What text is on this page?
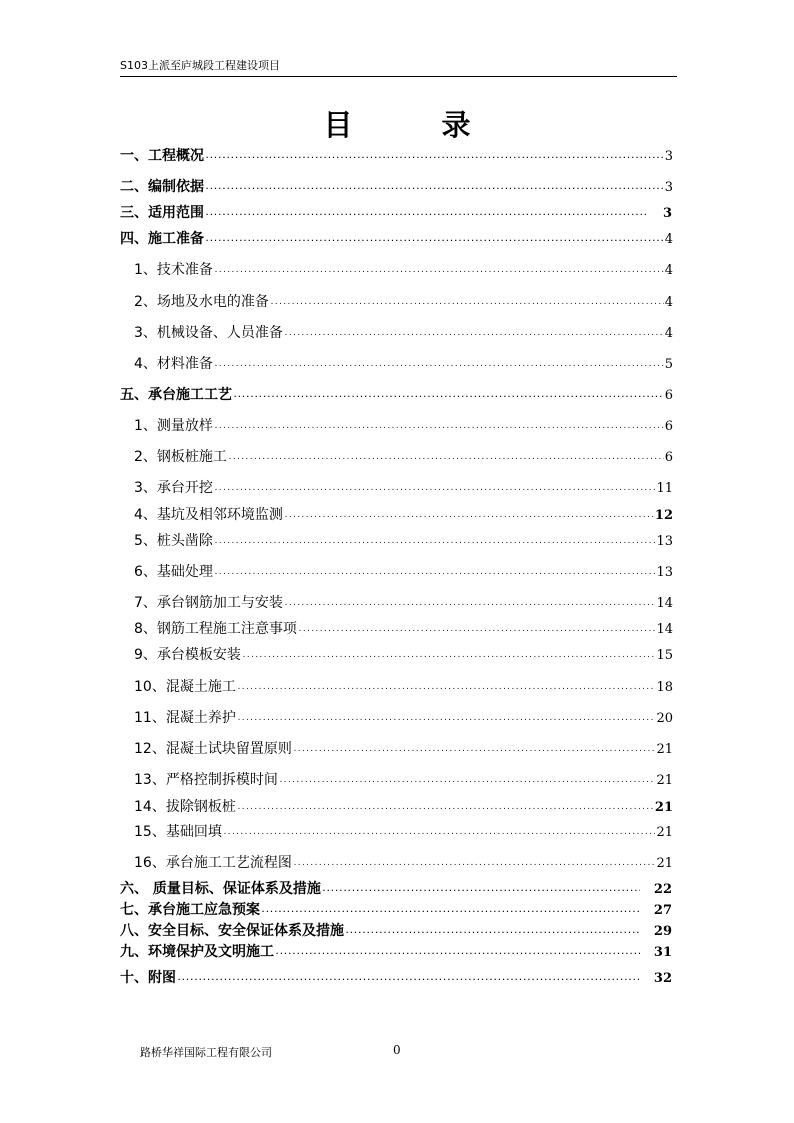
S103上派至庐城段工程建设项目
目　录
一、工程概况 ·····	3
二、编制依据 ·····	3
三、适用范围 ·····	3
四、施工准备 ·····	4
1、技术准备 ·····	4
2、场地及水电的准备 ·····	4
3、机械设备、人员准备 ·····	4
4、材料准备 ·····	5
五、承台施工工艺 ·····	6
1、测量放样 ·····	6
2、钢板桩施工 ·····	6
3、承台开挖 ·····	11
4、基坑及相邻环境监测 ·····	12
5、桩头凿除 ·····	13
6、基础处理 ·····	13
7、承台钢筋加工与安装 ·····	14
8、钢筋工程施工注意事项 ·····	14
9、承台模板安装 ·····	15
10、混凝土施工 ·····	18
11、混凝土养护 ·····	20
12、混凝土试块留置原则 ·····	21
13、严格控制拆模时间 ·····	21
14、拔除钢板桩 ·····	21
15、基础回填 ·····	21
16、承台施工工艺流程图 ·····	21
六、 质量目标、保证体系及措施 ·····	22
七、承台施工应急预案 ·····	27
八、安全目标、安全保证体系及措施 ·····	29
九、环境保护及文明施工 ·····	31
十、附图 ·····	32
路桥华祥国际工程有限公司	0
